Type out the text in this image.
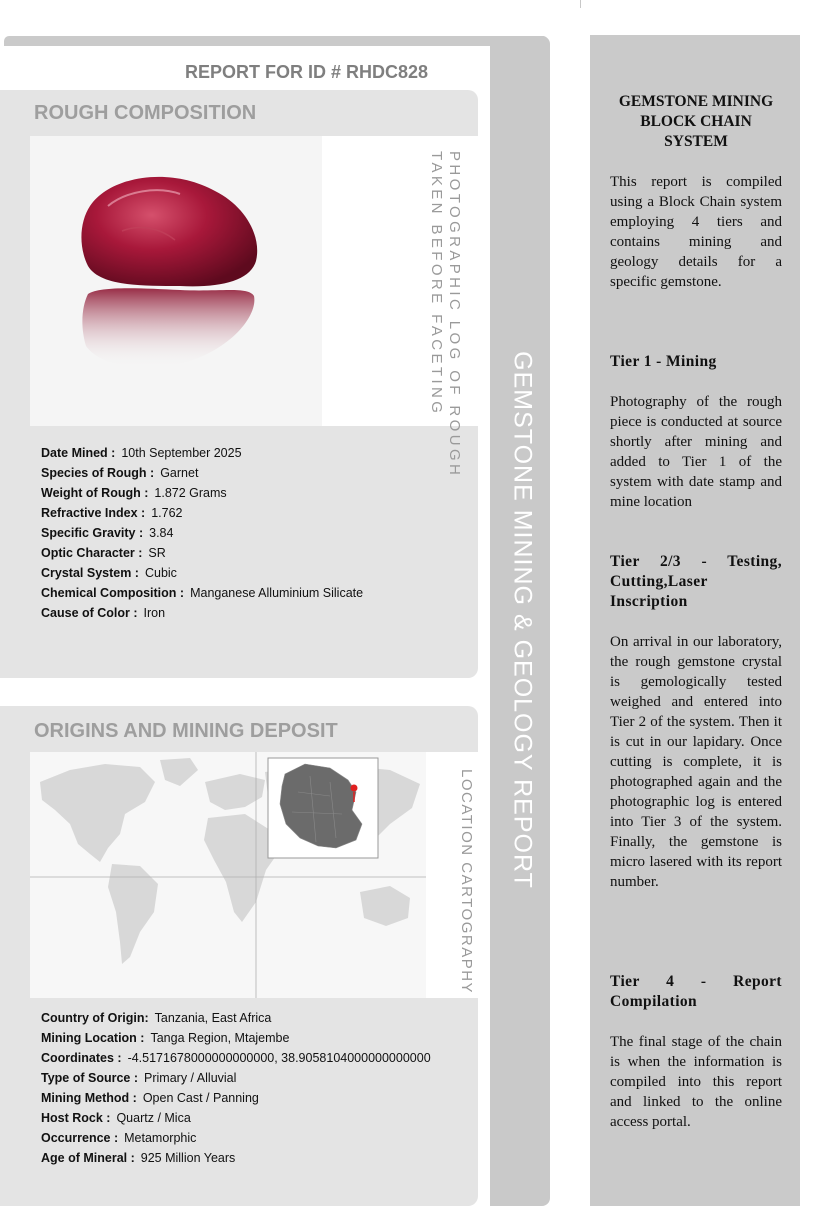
GEMSTONE MINING & GEOLOGY REPORT
REPORT FOR ID # RHDC828
ROUGH COMPOSITION
PHOTOGRAPHIC LOG OF ROUGH
TAKEN BEFORE FACETING
Date Mined : 10th September 2025
Species of Rough : Garnet
Weight of Rough : 1.872 Grams
Refractive Index : 1.762
Specific Gravity : 3.84
Optic Character : SR
Crystal System : Cubic
Chemical Composition : Manganese Alluminium Silicate
Cause of Color : Iron
ORIGINS AND MINING DEPOSIT
LOCATION CARTOGRAPHY
Country of Origin: Tanzania, East Africa
Mining Location : Tanga Region, Mtajembe
Coordinates : -4.5171678000000000000, 38.9058104000000000000
Type of Source : Primary / Alluvial
Mining Method : Open Cast / Panning
Host Rock : Quartz / Mica
Occurrence : Metamorphic
Age of Mineral : 925 Million Years
GEMSTONE MINING BLOCK CHAIN SYSTEM
This report is compiled using a Block Chain system employing 4 tiers and contains mining and geology details for a specific gemstone.
Tier 1 - Mining
Photography of the rough piece is conducted at source shortly after mining and added to Tier 1 of the system with date stamp and mine location
Tier 2/3 - Testing, Cutting,Laser Inscription
On arrival in our laboratory, the rough gemstone crystal is gemologically tested weighed and entered into Tier 2 of the system. Then it is cut in our lapidary. Once cutting is complete, it is photographed again and the photographic log is entered into Tier 3 of the system. Finally, the gemstone is micro lasered with its report number.
Tier 4 - Report Compilation
The final stage of the chain is when the information is compiled into this report and linked to the online access portal.
